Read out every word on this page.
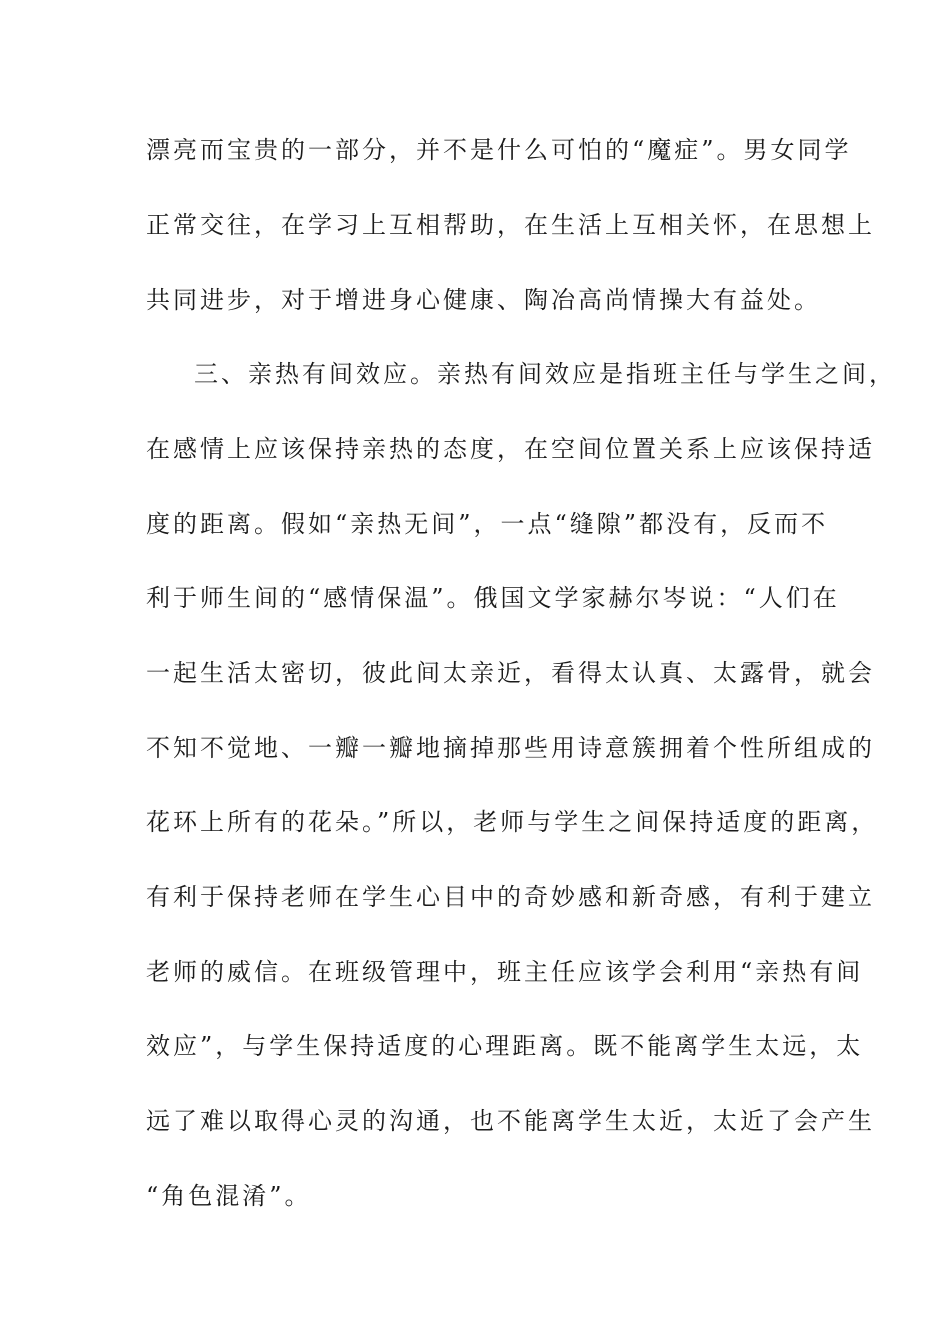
漂亮而宝贵的一部分，并不是什么可怕的“魔症”。男女同学
正常交往，在学习上互相帮助，在生活上互相关怀，在思想上
共同进步，对于增进身心健康、陶冶高尚情操大有益处。
三、亲热有间效应。亲热有间效应是指班主任与学生之间，
在感情上应该保持亲热的态度，在空间位置关系上应该保持适
度的距离。假如“亲热无间”，一点“缝隙”都没有，反而不
利于师生间的“感情保温”。俄国文学家赫尔岑说：“人们在
一起生活太密切，彼此间太亲近，看得太认真、太露骨，就会
不知不觉地、一瓣一瓣地摘掉那些用诗意簇拥着个性所组成的
花环上所有的花朵。”所以，老师与学生之间保持适度的距离，
有利于保持老师在学生心目中的奇妙感和新奇感，有利于建立
老师的威信。在班级管理中，班主任应该学会利用“亲热有间
效应”，与学生保持适度的心理距离。既不能离学生太远，太
远了难以取得心灵的沟通，也不能离学生太近，太近了会产生
“角色混淆”。
